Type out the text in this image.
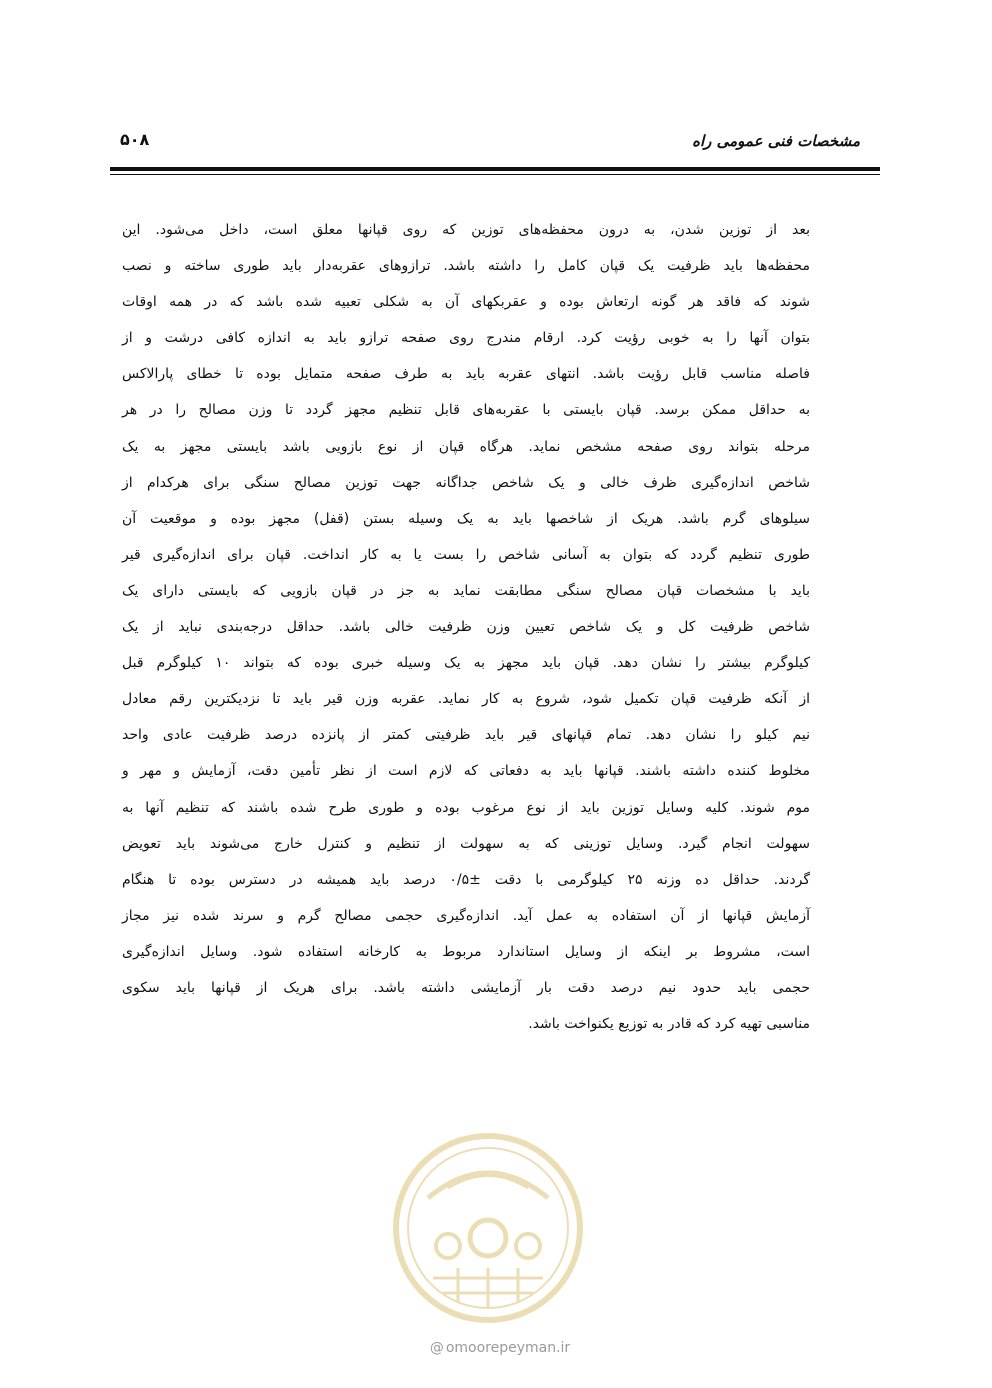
مشخصات فنی عمومی راه
۵۰۸
بعد از توزین شدن، به درون محفظه‌های توزین که روی قپانها معلق است، داخل می‌شود. این
محفظه‌ها باید ظرفیت یک قپان کامل را داشته باشد. ترازوهای عقربه‌دار باید طوری ساخته و نصب
شوند که فاقد هر گونه ارتعاش بوده و عقربکهای آن به شکلی تعبیه شده باشد که در همه اوقات
بتوان آنها را به خوبی رؤیت کرد. ارقام مندرج روی صفحه ترازو باید به اندازه کافی درشت و از
فاصله مناسب قابل رؤیت باشد. انتهای عقربه باید به طرف صفحه متمایل بوده تا خطای پارالاکس
به حداقل ممکن برسد. قپان بایستی با عقربه‌های قابل تنظیم مجهز گردد تا وزن مصالح را در هر
مرحله بتواند روی صفحه مشخص نماید. هرگاه قپان از نوع بازویی باشد بایستی مجهز به یک
شاخص اندازه‌گیری ظرف خالی و یک شاخص جداگانه جهت توزین مصالح سنگی برای هرکدام از
سیلوهای گرم باشد. هریک از شاخصها باید به یک وسیله بستن (قفل) مجهز بوده و موقعیت آن
طوری تنظیم گردد که بتوان به آسانی شاخص را بست یا به کار انداخت. قپان برای اندازه‌گیری قیر
باید با مشخصات قپان مصالح سنگی مطابقت نماید به جز در قپان بازویی که بایستی دارای یک
شاخص ظرفیت کل و یک شاخص تعیین وزن ظرفیت خالی باشد. حداقل درجه‌بندی نباید از یک
کیلوگرم بیشتر را نشان دهد. قپان باید مجهز به یک وسیله خبری بوده که بتواند ۱۰ کیلوگرم قبل
از آنکه ظرفیت قپان تکمیل شود، شروع به کار نماید. عقربه وزن قیر باید تا نزدیکترین رقم معادل
نیم کیلو را نشان دهد. تمام قپانهای قیر باید ظرفیتی کمتر از پانزده درصد ظرفیت عادی واحد
مخلوط کننده داشته باشند. قپانها باید به دفعاتی که لازم است از نظر تأمین دقت، آزمایش و مهر و
موم شوند. کلیه وسایل توزین باید از نوع مرغوب بوده و طوری طرح شده باشند که تنظیم آنها به
سهولت انجام گیرد. وسایل توزینی که به سهولت از تنظیم و کنترل خارج می‌شوند باید تعویض
گردند. حداقل ده وزنه ۲۵ کیلوگرمی با دقت ±۰/۵ درصد باید همیشه در دسترس بوده تا هنگام
آزمایش قپانها از آن استفاده به عمل آید. اندازه‌گیری حجمی مصالح گرم و سرند شده نیز مجاز
است، مشروط بر اینکه از وسایل استاندارد مربوط به کارخانه استفاده شود. وسایل اندازه‌گیری
حجمی باید حدود نیم درصد دقت بار آزمایشی داشته باشد. برای هریک از قپانها باید سکوی
مناسبی تهیه کرد که قادر به توزیع یکنواخت باشد.
@ omoorepeyman.ir
